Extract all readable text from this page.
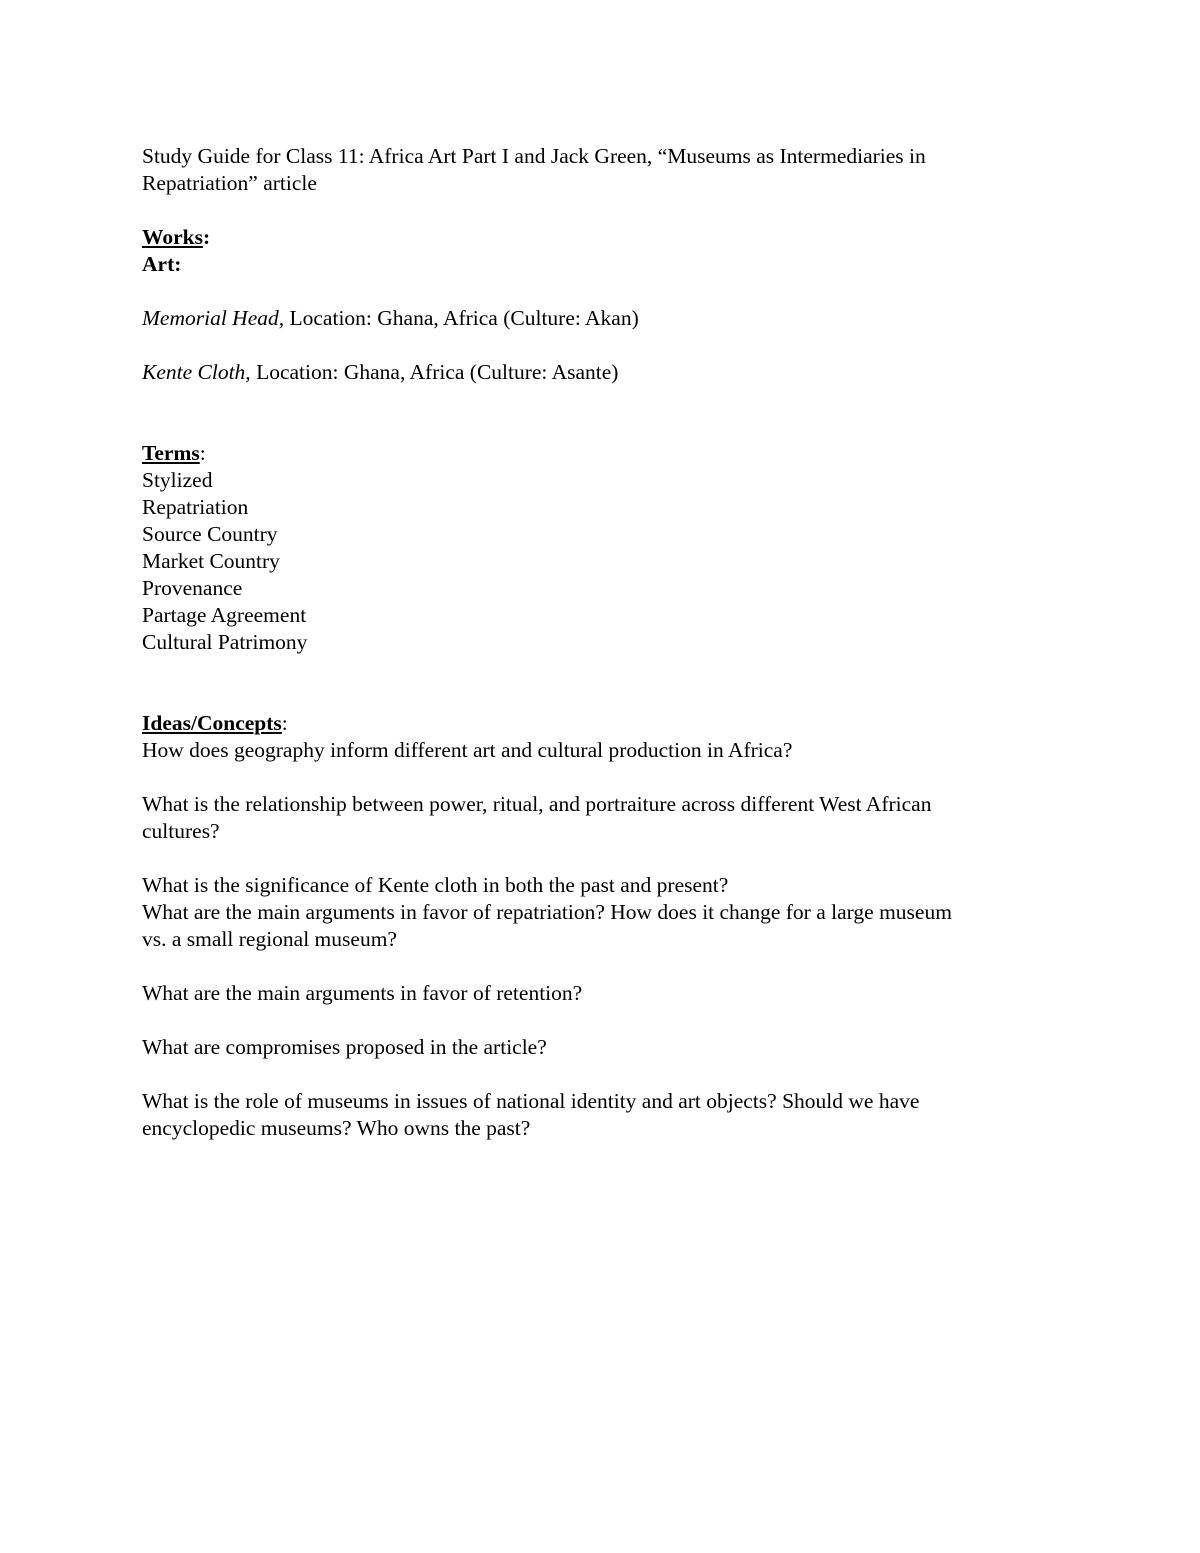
Study Guide for Class 11: Africa Art Part I and Jack Green, “Museums as Intermediaries in
Repatriation” article
Works:
Art:
Memorial Head, Location: Ghana, Africa (Culture: Akan)
Kente Cloth, Location: Ghana, Africa (Culture: Asante)
Terms:
Stylized
Repatriation
Source Country
Market Country
Provenance
Partage Agreement
Cultural Patrimony
Ideas/Concepts:
How does geography inform different art and cultural production in Africa?
What is the relationship between power, ritual, and portraiture across different West African
cultures?
What is the significance of Kente cloth in both the past and present?
What are the main arguments in favor of repatriation? How does it change for a large museum
vs. a small regional museum?
What are the main arguments in favor of retention?
What are compromises proposed in the article?
What is the role of museums in issues of national identity and art objects? Should we have
encyclopedic museums? Who owns the past?
